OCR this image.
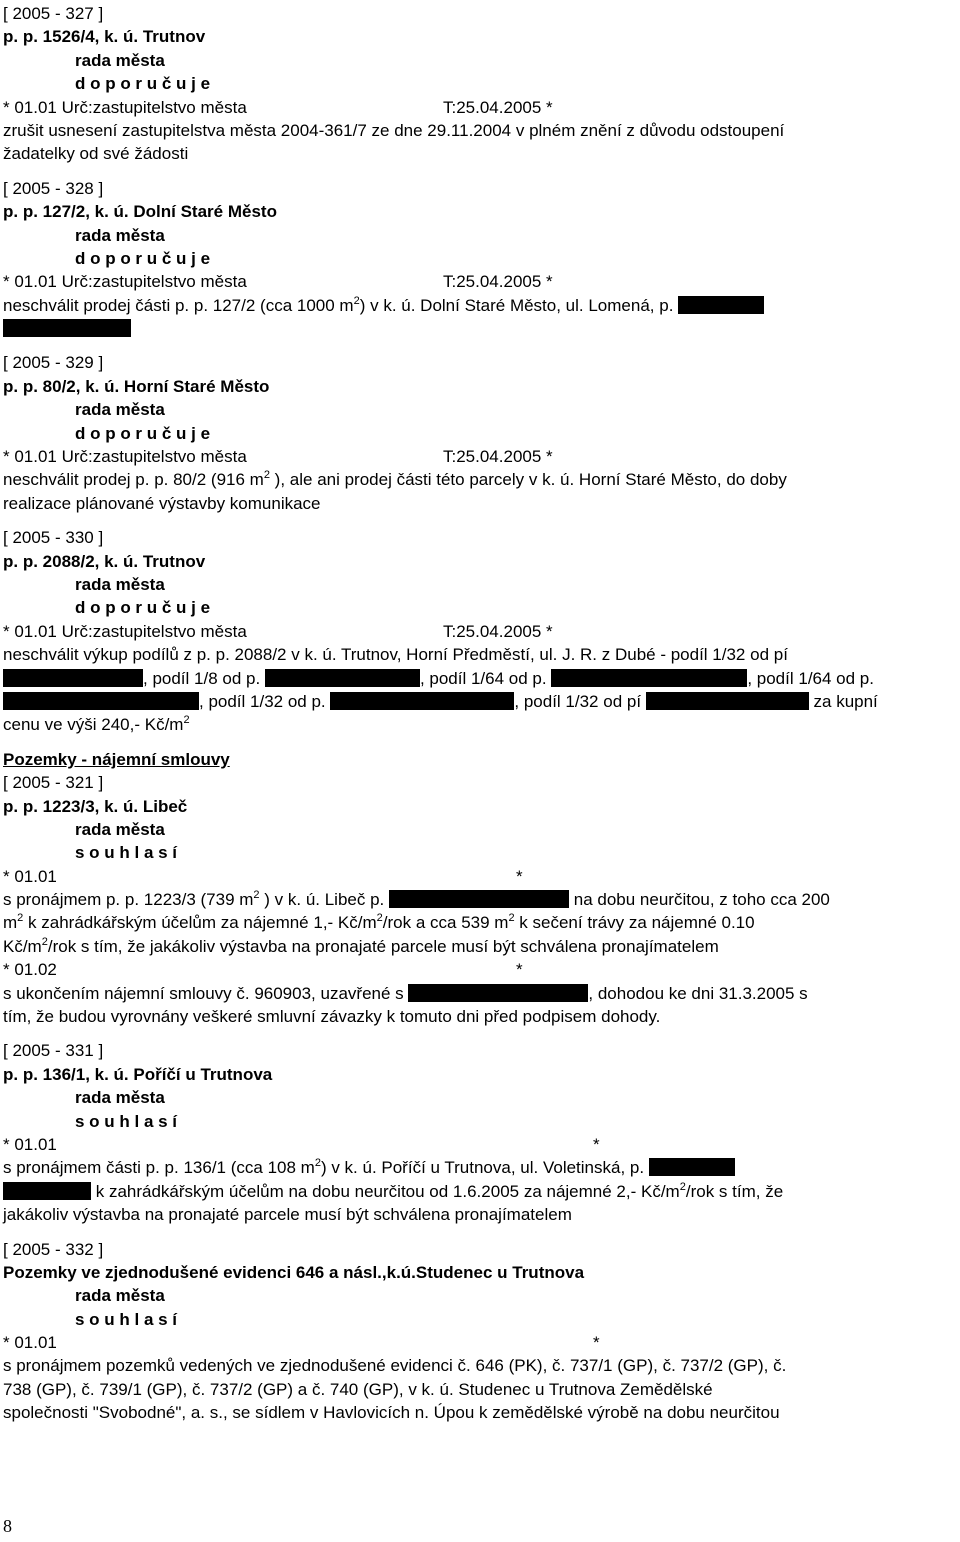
[ 2005 - 327 ]
p. p. 1526/4, k. ú. Trutnov
rada města
d o p o r u č u j e
* 01.01 Urč:zastupitelstvo města	T:25.04.2005 *
zrušit usnesení zastupitelstva města 2004-361/7 ze dne 29.11.2004 v plném znění z důvodu odstoupení
žadatelky od své žádosti
[ 2005 - 328 ]
p. p. 127/2, k. ú. Dolní Staré Město
rada města
d o p o r u č u j e
* 01.01 Urč:zastupitelstvo města	T:25.04.2005 *
neschválit prodej části p. p. 127/2 (cca 1000 $m^2$) v k. ú. Dolní Staré Město, ul. Lomená, p.
[ 2005 - 329 ]
p. p. 80/2, k. ú. Horní Staré Město
rada města
d o p o r u č u j e
* 01.01 Urč:zastupitelstvo města	T:25.04.2005 *
neschválit prodej p. p. 80/2 (916 $m^2$ ), ale ani prodej části této parcely v k. ú. Horní Staré Město, do doby
realizace plánované výstavby komunikace
[ 2005 - 330 ]
p. p. 2088/2, k. ú. Trutnov
rada města
d o p o r u č u j e
* 01.01 Urč:zastupitelstvo města	T:25.04.2005 *
neschválit výkup podílů z p. p. 2088/2 v k. ú. Trutnov, Horní Předměstí, ul. J. R. z Dubé - podíl 1/32 od pí
, podíl 1/8 od p.	, podíl 1/64 od p.	, podíl 1/64 od p.
, podíl 1/32 od p.	, podíl 1/32 od pí	za kupní
cenu ve výši 240,- $Kč/m^2$
Pozemky - nájemní smlouvy
[ 2005 - 321 ]
p. p. 1223/3, k. ú. Libeč
rada města
s o u h l a s í
* 01.01	*
s pronájmem p. p. 1223/3 (739 $m^2$ ) v k. ú. Libeč p.	na dobu neurčitou, z toho cca 200
$m^2$ k zahrádkářským účelům za nájemné 1,- $Kč/m^2$/rok a cca 539 $m^2$ k sečení trávy za nájemné 0.10
$Kč/m^2$/rok s tím, že jakákoliv výstavba na pronajaté parcele musí být schválena pronajímatelem
* 01.02	*
s ukončením nájemní smlouvy č. 960903, uzavřené s	, dohodou ke dni 31.3.2005 s
tím, že budou vyrovnány veškeré smluvní závazky k tomuto dni před podpisem dohody.
[ 2005 - 331 ]
p. p. 136/1, k. ú. Poříčí u Trutnova
rada města
s o u h l a s í
* 01.01	*
s pronájmem části p. p. 136/1 (cca 108 $m^2$) v k. ú. Poříčí u Trutnova, ul. Voletinská, p.
k zahrádkářským účelům na dobu neurčitou od 1.6.2005 za nájemné 2,- $Kč/m^2$/rok s tím, že
jakákoliv výstavba na pronajaté parcele musí být schválena pronajímatelem
[ 2005 - 332 ]
Pozemky ve zjednodušené evidenci 646 a násl.,k.ú.Studenec u Trutnova
rada města
s o u h l a s í
* 01.01	*
s pronájmem pozemků vedených ve zjednodušené evidenci č. 646 (PK), č. 737/1 (GP), č. 737/2 (GP), č.
738 (GP), č. 739/1 (GP), č. 737/2 (GP) a č. 740 (GP), v k. ú. Studenec u Trutnova Zemědělské
společnosti "Svobodné", a. s., se sídlem v Havlovicích n. Úpou k zemědělské výrobě na dobu neurčitou
8
